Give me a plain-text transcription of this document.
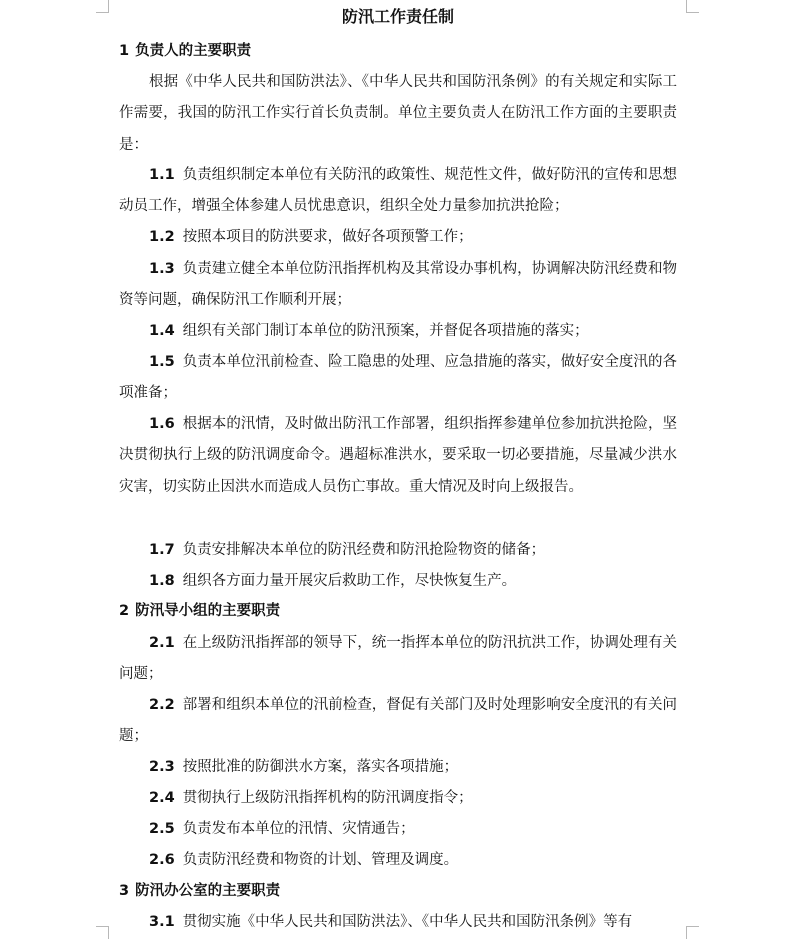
防汛工作责任制
1 负责人的主要职责
根据《中华人民共和国防洪法》、《中华人民共和国防汛条例》的有关规定和实际工作需要，我国的防汛工作实行首长负责制。单位主要负责人在防汛工作方面的主要职责是：
1.1 负责组织制定本单位有关防汛的政策性、规范性文件，做好防汛的宣传和思想动员工作，增强全体参建人员忧患意识，组织全处力量参加抗洪抢险；
1.2 按照本项目的防洪要求，做好各项预警工作；
1.3 负责建立健全本单位防汛指挥机构及其常设办事机构，协调解决防汛经费和物资等问题，确保防汛工作顺利开展；
1.4 组织有关部门制订本单位的防汛预案，并督促各项措施的落实；
1.5 负责本单位汛前检查、险工隐患的处理、应急措施的落实，做好安全度汛的各项准备；
1.6 根据本的汛情，及时做出防汛工作部署，组织指挥参建单位参加抗洪抢险，坚决贯彻执行上级的防汛调度命令。遇超标准洪水，要采取一切必要措施，尽量减少洪水灾害，切实防止因洪水而造成人员伤亡事故。重大情况及时向上级报告。
1.7 负责安排解决本单位的防汛经费和防汛抢险物资的储备；
1.8 组织各方面力量开展灾后救助工作，尽快恢复生产。
2 防汛导小组的主要职责
2.1 在上级防汛指挥部的领导下，统一指挥本单位的防汛抗洪工作，协调处理有关问题；
2.2 部署和组织本单位的汛前检查，督促有关部门及时处理影响安全度汛的有关问题；
2.3 按照批准的防御洪水方案，落实各项措施；
2.4 贯彻执行上级防汛指挥机构的防汛调度指令；
2.5 负责发布本单位的汛情、灾情通告；
2.6 负责防汛经费和物资的计划、管理及调度。
3 防汛办公室的主要职责
3.1 贯彻实施《中华人民共和国防洪法》、《中华人民共和国防汛条例》等有
